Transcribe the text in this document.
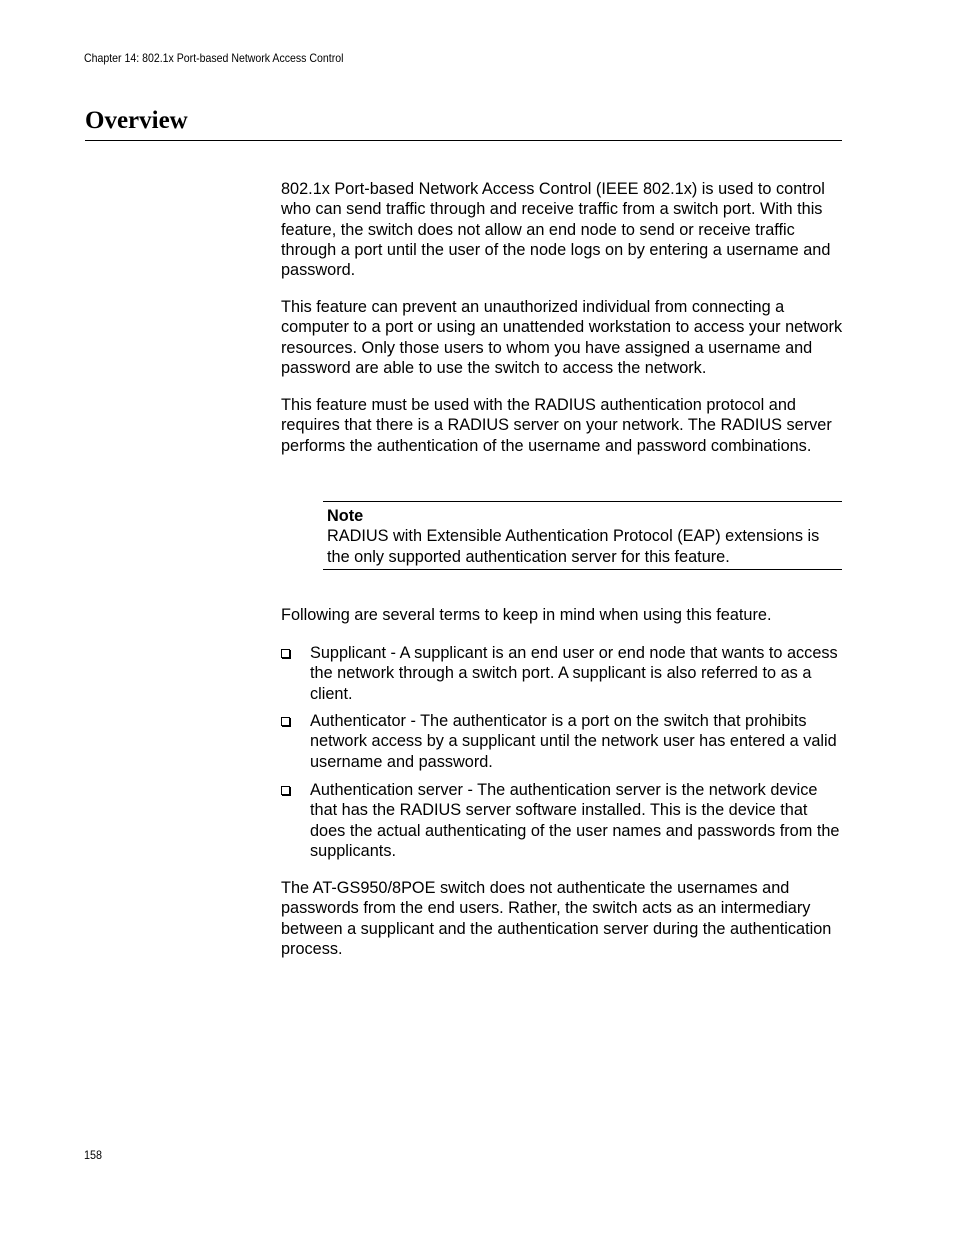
Chapter 14: 802.1x Port-based Network Access Control
Overview

802.1x Port-based Network Access Control (IEEE 802.1x) is used to control who can send traffic through and receive traffic from a switch port. With this feature, the switch does not allow an end node to send or receive traffic through a port until the user of the node logs on by entering a username and password.

This feature can prevent an unauthorized individual from connecting a computer to a port or using an unattended workstation to access your network resources. Only those users to whom you have assigned a username and password are able to use the switch to access the network.

This feature must be used with the RADIUS authentication protocol and requires that there is a RADIUS server on your network. The RADIUS server performs the authentication of the username and password combinations.

Note
RADIUS with Extensible Authentication Protocol (EAP) extensions is the only supported authentication server for this feature.

Following are several terms to keep in mind when using this feature.

Supplicant - A supplicant is an end user or end node that wants to access the network through a switch port. A supplicant is also referred to as a client.
Authenticator - The authenticator is a port on the switch that prohibits network access by a supplicant until the network user has entered a valid username and password.
Authentication server - The authentication server is the network device that has the RADIUS server software installed. This is the device that does the actual authenticating of the user names and passwords from the supplicants.

The AT-GS950/8POE switch does not authenticate the usernames and passwords from the end users. Rather, the switch acts as an intermediary between a supplicant and the authentication server during the authentication process.

158
